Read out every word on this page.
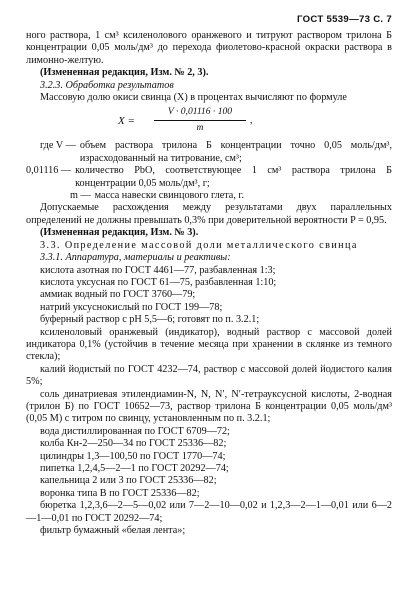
ГОСТ 5539—73 С. 7

ного раствора, 1 см³ ксиленолового оранжевого и титруют раствором трилона Б концентрации 0,05 моль/дм³ до перехода фиолетово-красной окраски раствора в лимонно-желтую.

(Измененная редакция, Изм. № 2, 3).

3.2.3. Обработка результатов

Массовую долю окиси свинца (X) в процентах вычисляют по формуле

$X = \frac{V \cdot 0,01116 \cdot 100}{m}$ ,
где V — объем раствора трилона Б концентрации точно 0,05 моль/дм³, израсходованный на титрование, см³;
0,01116 — количество PbO, соответствующее 1 см³ раствора трилона Б концентрации 0,05 моль/дм³, г;
m — масса навески свинцового глета, г.

Допускаемые расхождения между результатами двух параллельных определений не должны превышать 0,3% при доверительной вероятности P = 0,95.

(Измененная редакция, Изм. № 3).

3.3. Определение массовой доли металлического свинца

3.3.1. Аппаратура, материалы и реактивы:

кислота азотная по ГОСТ 4461—77, разбавленная 1:3;

кислота уксусная по ГОСТ 61—75, разбавленная 1:10;

аммиак водный по ГОСТ 3760—79;

натрий уксуснокислый по ГОСТ 199—78;

буферный раствор с pH 5,5—6; готовят по п. 3.2.1;

ксиленоловый оранжевый (индикатор), водный раствор с массовой долей индикатора 0,1% (устойчив в течение месяца при хранении в склянке из темного стекла);

калий йодистый по ГОСТ 4232—74, раствор с массовой долей йодистого калия 5%;

соль динатриевая этилендиамин-N, N, N′, N′-тетрауксусной кислоты, 2-водная (трилон Б) по ГОСТ 10652—73, раствор трилона Б концентрации 0,05 моль/дм³ (0,05 М) с титром по свинцу, установленным по п. 3.2.1;

вода дистиллированная по ГОСТ 6709—72;

колба Кн-2—250—34 по ГОСТ 25336—82;

цилиндры 1,3—100,50 по ГОСТ 1770—74;

пипетка 1,2,4,5—2—1 по ГОСТ 20292—74;

капельница 2 или 3 по ГОСТ 25336—82;

воронка типа В по ГОСТ 25336—82;

бюретка 1,2,3,6—2—5—0,02 или 7—2—10—0,02 и 1,2,3—2—1—0,01 или 6—2—1—0,01 по ГОСТ 20292—74;

фильтр бумажный «белая лента»;
